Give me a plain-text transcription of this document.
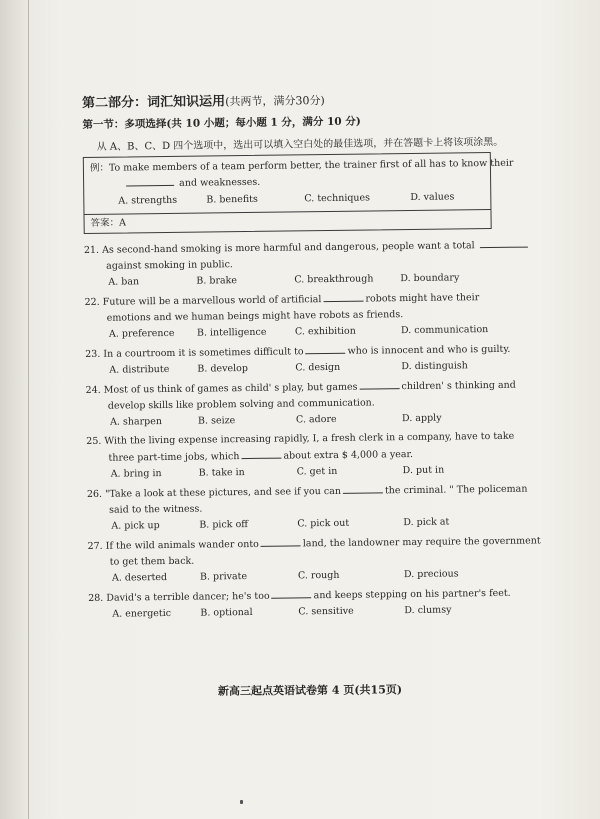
第二部分：词汇知识运用(共两节，满分30分)
第一节：多项选择(共 10 小题；每小题 1 分，满分 10 分)
从 A、B、C、D 四个选项中，选出可以填入空白处的最佳选项，并在答题卡上将该项涂黑。
例：To make members of a team perform better, the trainer first of all has to know their
and weaknesses.
A. strengths	B. benefits	C. techniques	D. values
答案：A
21. As second-hand smoking is more harmful and dangerous, people want a total
against smoking in public.
A. ban	B. brake	C. breakthrough	D. boundary
22. Future will be a marvellous world of artificial	robots might have their
emotions and we human beings might have robots as friends.
A. preference	B. intelligence	C. exhibition	D. communication
23. In a courtroom it is sometimes difficult to	who is innocent and who is guilty.
A. distribute	B. develop	C. design	D. distinguish
24. Most of us think of games as child' s play, but games	children' s thinking and
develop skills like problem solving and communication.
A. sharpen	B. seize	C. adore	D. apply
25. With the living expense increasing rapidly, I, a fresh clerk in a company, have to take
three part-time jobs, which	about extra $ 4,000 a year.
A. bring in	B. take in	C. get in	D. put in
26. "Take a look at these pictures, and see if you can	the criminal. " The policeman
said to the witness.
A. pick up	B. pick off	C. pick out	D. pick at
27. If the wild animals wander onto	land, the landowner may require the government
to get them back.
A. deserted	B. private	C. rough	D. precious
28. David's a terrible dancer; he's too	and keeps stepping on his partner's feet.
A. energetic	B. optional	C. sensitive	D. clumsy
新高三起点英语试卷第 4 页(共15页)
